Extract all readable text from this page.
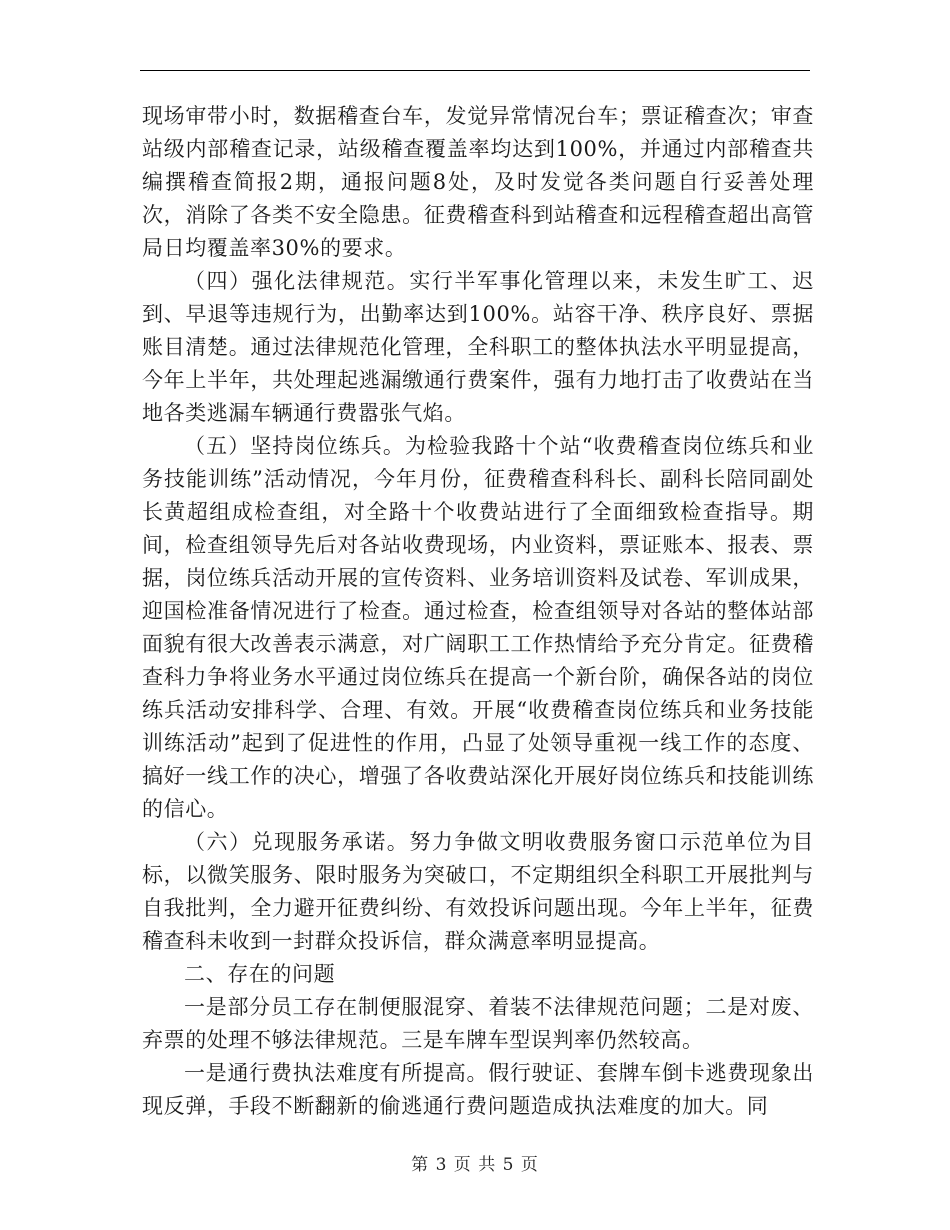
现场审带小时，数据稽查台车，发觉异常情况台车；票证稽查次；审查站级内部稽查记录，站级稽查覆盖率均达到100%，并通过内部稽查共编撰稽查简报2期，通报问题8处，及时发觉各类问题自行妥善处理次，消除了各类不安全隐患。征费稽查科到站稽查和远程稽查超出高管局日均覆盖率30%的要求。

（四）强化法律规范。实行半军事化管理以来，未发生旷工、迟到、早退等违规行为，出勤率达到100%。站容干净、秩序良好、票据账目清楚。通过法律规范化管理，全科职工的整体执法水平明显提高，今年上半年，共处理起逃漏缴通行费案件，强有力地打击了收费站在当地各类逃漏车辆通行费嚣张气焰。

（五）坚持岗位练兵。为检验我路十个站“收费稽查岗位练兵和业务技能训练”活动情况，今年月份，征费稽查科科长、副科长陪同副处长黄超组成检查组，对全路十个收费站进行了全面细致检查指导。期间，检查组领导先后对各站收费现场，内业资料，票证账本、报表、票据，岗位练兵活动开展的宣传资料、业务培训资料及试卷、军训成果，迎国检准备情况进行了检查。通过检查，检查组领导对各站的整体站部面貌有很大改善表示满意，对广阔职工工作热情给予充分肯定。征费稽查科力争将业务水平通过岗位练兵在提高一个新台阶，确保各站的岗位练兵活动安排科学、合理、有效。开展“收费稽查岗位练兵和业务技能训练活动”起到了促进性的作用，凸显了处领导重视一线工作的态度、搞好一线工作的决心，增强了各收费站深化开展好岗位练兵和技能训练的信心。

（六）兑现服务承诺。努力争做文明收费服务窗口示范单位为目标，以微笑服务、限时服务为突破口，不定期组织全科职工开展批判与自我批判，全力避开征费纠纷、有效投诉问题出现。今年上半年，征费稽查科未收到一封群众投诉信，群众满意率明显提高。

二、存在的问题

一是部分员工存在制便服混穿、着装不法律规范问题；二是对废、弃票的处理不够法律规范。三是车牌车型误判率仍然较高。

一是通行费执法难度有所提高。假行驶证、套牌车倒卡逃费现象出现反弹，手段不断翻新的偷逃通行费问题造成执法难度的加大。同

第 3 页 共 5 页
